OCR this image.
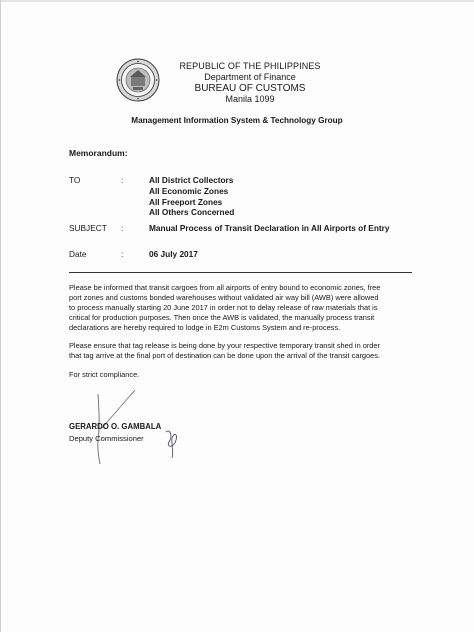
REPUBLIC OF THE PHILIPPINES
Department of Finance
BUREAU OF CUSTOMS
Manila 1099
Management Information System & Technology Group
Memorandum:
TO	:	All District Collectors
All Economic Zones
All Freeport Zones
All Others Concerned
SUBJECT :	Manual Process of Transit Declaration in All Airports of Entry
Date	:	06 July 2017
Please be informed that transit cargoes from all airports of entry bound to economic zones, free
port zones and customs bonded warehouses without validated air way bill (AWB) were allowed
to process manually starting 20 June 2017 in order not to delay release of raw materials that is
critical for production purposes. Then once the AWB is validated, the manually process transit
declarations are hereby required to lodge in E2m Customs System and re-process.
Please ensure that tag release is being done by your respective temporary transit shed in order
that tag arrive at the final port of destination can be done upon the arrival of the transit cargoes.
For strict compliance.
GERARDO O. GAMBALA
Deputy Commissioner
